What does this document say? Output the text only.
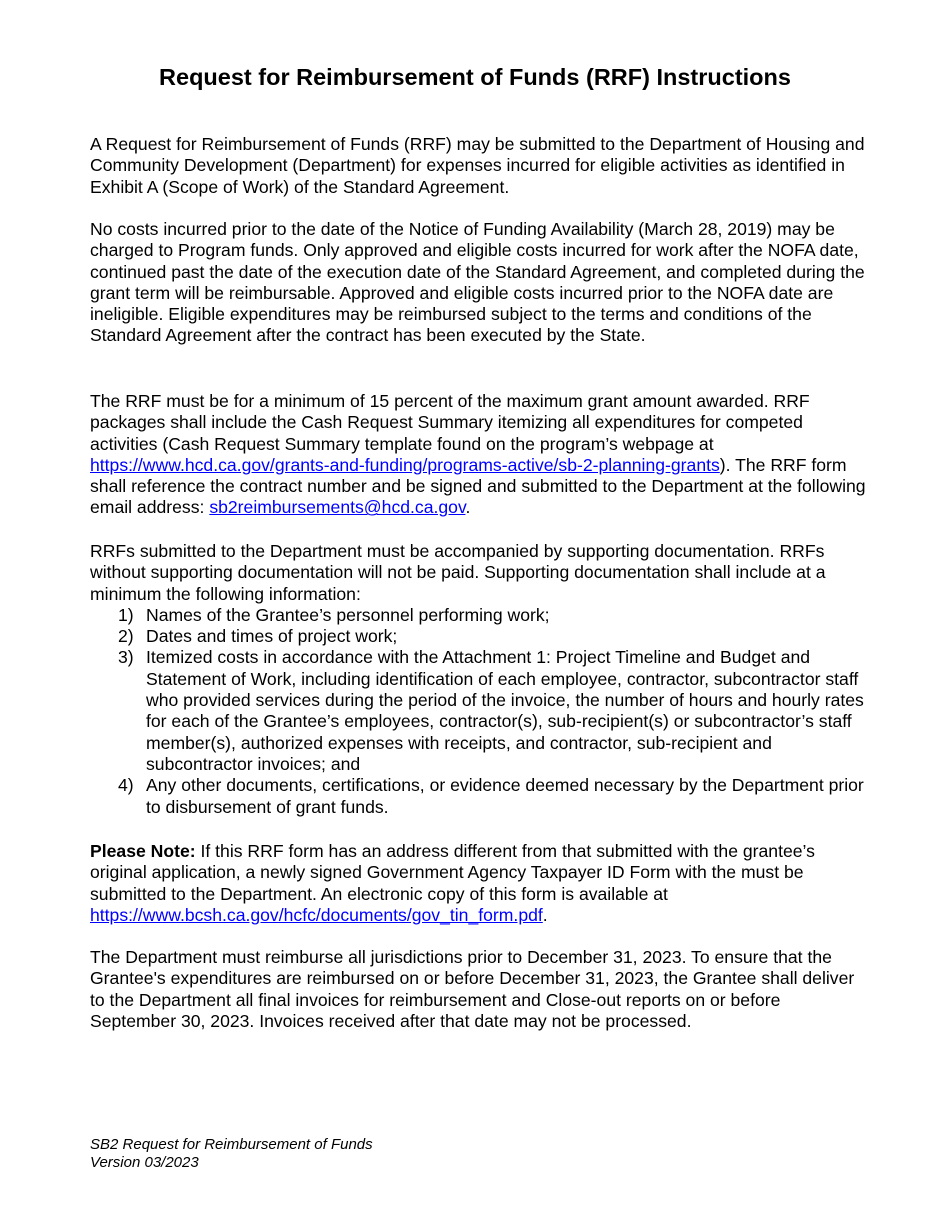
Request for Reimbursement of Funds (RRF) Instructions

A Request for Reimbursement of Funds (RRF) may be submitted to the Department of Housing and Community Development (Department) for expenses incurred for eligible activities as identified in Exhibit A (Scope of Work) of the Standard Agreement.

No costs incurred prior to the date of the Notice of Funding Availability (March 28, 2019) may be charged to Program funds. Only approved and eligible costs incurred for work after the NOFA date, continued past the date of the execution date of the Standard Agreement, and completed during the grant term will be reimbursable. Approved and eligible costs incurred prior to the NOFA date are ineligible. Eligible expenditures may be reimbursed subject to the terms and conditions of the Standard Agreement after the contract has been executed by the State.

The RRF must be for a minimum of 15 percent of the maximum grant amount awarded. RRF packages shall include the Cash Request Summary itemizing all expenditures for competed activities (Cash Request Summary template found on the program’s webpage at https://www.hcd.ca.gov/grants-and-funding/programs-active/sb-2-planning-grants). The RRF form shall reference the contract number and be signed and submitted to the Department at the following email address: sb2reimbursements@hcd.ca.gov.

RRFs submitted to the Department must be accompanied by supporting documentation. RRFs without supporting documentation will not be paid. Supporting documentation shall include at a minimum the following information:
1) Names of the Grantee’s personnel performing work;
2) Dates and times of project work;
3) Itemized costs in accordance with the Attachment 1: Project Timeline and Budget and Statement of Work, including identification of each employee, contractor, subcontractor staff who provided services during the period of the invoice, the number of hours and hourly rates for each of the Grantee’s employees, contractor(s), sub-recipient(s) or subcontractor’s staff member(s), authorized expenses with receipts, and contractor, sub-recipient and subcontractor invoices; and
4) Any other documents, certifications, or evidence deemed necessary by the Department prior to disbursement of grant funds.

Please Note: If this RRF form has an address different from that submitted with the grantee’s original application, a newly signed Government Agency Taxpayer ID Form with the must be submitted to the Department. An electronic copy of this form is available at https://www.bcsh.ca.gov/hcfc/documents/gov_tin_form.pdf.

The Department must reimburse all jurisdictions prior to December 31, 2023. To ensure that the Grantee's expenditures are reimbursed on or before December 31, 2023, the Grantee shall deliver to the Department all final invoices for reimbursement and Close-out reports on or before September 30, 2023. Invoices received after that date may not be processed.

SB2 Request for Reimbursement of Funds
Version 03/2023
